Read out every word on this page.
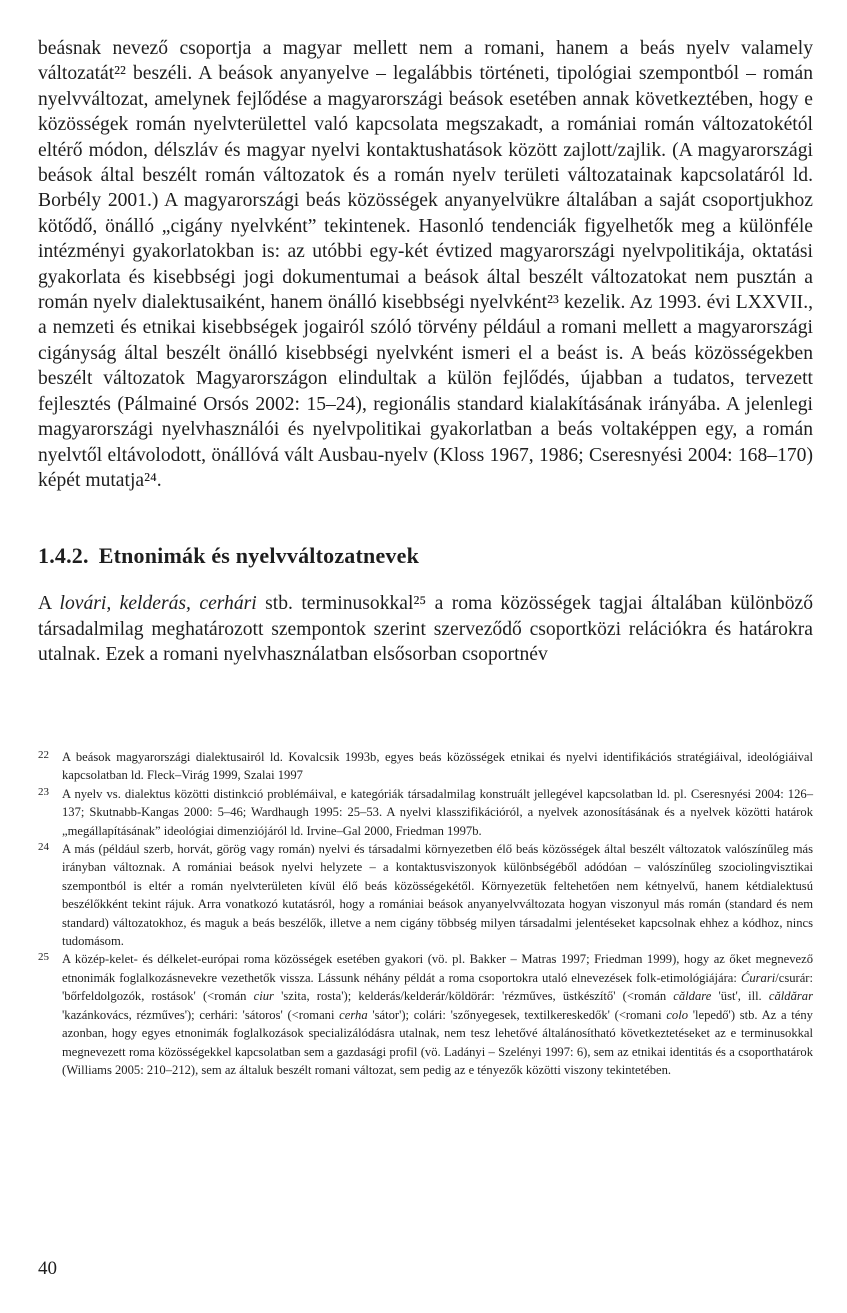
beásnak nevező csoportja a magyar mellett nem a romani, hanem a beás nyelv valamely változatát²² beszéli. A beások anyanyelve – legalábbis történeti, tipológiai szempontból – román nyelvváltozat, amelynek fejlődése a magyarországi beások esetében annak következtében, hogy e közösségek román nyelvterülettel való kapcsolata megszakadt, a romániai román változatokétól eltérő módon, délszláv és magyar nyelvi kontaktushatások között zajlott/zajlik. (A magyarországi beások által beszélt román változatok és a román nyelv területi változatainak kapcsolatáról ld. Borbély 2001.) A magyarországi beás közösségek anyanyelvükre általában a saját csoportjukhoz kötődő, önálló „cigány nyelvként” tekintenek. Hasonló tendenciák figyelhetők meg a különféle intézményi gyakorlatokban is: az utóbbi egy-két évtized magyarországi nyelvpolitikája, oktatási gyakorlata és kisebbségi jogi dokumentumai a beások által beszélt változatokat nem pusztán a román nyelv dialektusaiként, hanem önálló kisebbségi nyelvként²³ kezelik. Az 1993. évi LXXVII., a nemzeti és etnikai kisebbségek jogairól szóló törvény például a romani mellett a magyarországi cigányság által beszélt önálló kisebbségi nyelvként ismeri el a beást is. A beás közösségekben beszélt változatok Magyarországon elindultak a külön fejlődés, újabban a tudatos, tervezett fejlesztés (Pálmainé Orsós 2002: 15–24), regionális standard kialakításának irányába. A jelenlegi magyarországi nyelvhasználói és nyelvpolitikai gyakorlatban a beás voltaképpen egy, a román nyelvtől eltávolodott, önállóvá vált Ausbau-nyelv (Kloss 1967, 1986; Cseresnyési 2004: 168–170) képét mutatja²⁴.

1.4.2. Etnonimák és nyelvváltozatnevek

A lovári, kelderás, cerhári stb. terminusokkal²⁵ a roma közösségek tagjai általában különböző társadalmilag meghatározott szempontok szerint szerveződő csoportközi relációkra és határokra utalnak. Ezek a romani nyelvhasználatban elsősorban csoportnév

22	A beások magyarországi dialektusairól ld. Kovalcsik 1993b, egyes beás közösségek etnikai és nyelvi identifikációs stratégiáival, ideológiáival kapcsolatban ld. Fleck–Virág 1999, Szalai 1997

23	A nyelv vs. dialektus közötti distinkció problémáival, e kategóriák társadalmilag konstruált jellegével kapcsolatban ld. pl. Cseresnyési 2004: 126–137; Skutnabb-Kangas 2000: 5–46; Wardhaugh 1995: 25–53. A nyelvi klasszifikációról, a nyelvek azonosításának és a nyelvek közötti határok „megállapításának” ideológiai dimenziójáról ld. Irvine–Gal 2000, Friedman 1997b.

24	A más (például szerb, horvát, görög vagy román) nyelvi és társadalmi környezetben élő beás közösségek által beszélt változatok valószínűleg más irányban változnak. A romániai beások nyelvi helyzete – a kontaktusviszonyok különbségéből adódóan – valószínűleg szociolingvisztikai szempontból is eltér a román nyelvterületen kívül élő beás közösségekétől. Környezetük feltehetően nem kétnyelvű, hanem kétdialektusú beszélőkként tekint rájuk. Arra vonatkozó kutatásról, hogy a romániai beások anyanyelvváltozata hogyan viszonyul más román (standard és nem standard) változatokhoz, és maguk a beás beszélők, illetve a nem cigány többség milyen társadalmi jelentéseket kapcsolnak ehhez a kódhoz, nincs tudomásom.

25	A közép-kelet- és délkelet-európai roma közösségek esetében gyakori (vö. pl. Bakker – Matras 1997; Friedman 1999), hogy az őket megnevező etnonimák foglalkozásnevekre vezethetők vissza. Lássunk néhány példát a roma csoportokra utaló elnevezések folk-etimológiájára: Ćurari/csurár: 'bőrfeldolgozók, rostások' (<román ciur 'szita, rosta'); kelderás/kelderár/köldörár: 'rézműves, üstkészítő' (<román căldare 'üst', ill. căldărar 'kazánkovács, rézműves'); cerhári: 'sátoros' (<romani cerha 'sátor'); colári: 'szőnyegesek, textilkereskedők' (<romani colo 'lepedő') stb. Az a tény azonban, hogy egyes etnonimák foglalkozások specializálódásra utalnak, nem tesz lehetővé általánosítható következtetéseket az e terminusokkal megnevezett roma közösségekkel kapcsolatban sem a gazdasági profil (vö. Ladányi – Szelényi 1997: 6), sem az etnikai identitás és a csoporthatárok (Williams 2005: 210–212), sem az általuk beszélt romani változat, sem pedig az e tényezők közötti viszony tekintetében.

40
